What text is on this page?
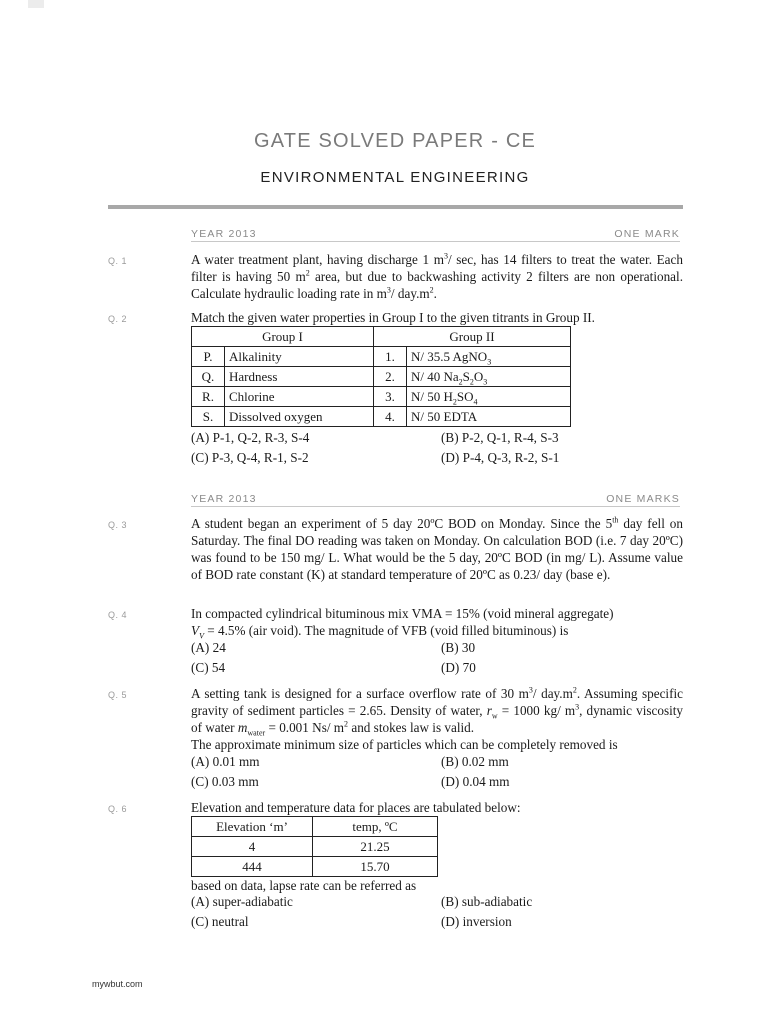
GATE SOLVED PAPER - CE
ENVIRONMENTAL ENGINEERING
YEAR 2013	ONE MARK
Q. 1	A water treatment plant, having discharge 1 $m^3/$ sec, has 14 filters to treat the water. Each filter is having 50 $m^2$ area, but due to backwashing activity 2 filters are non operational. Calculate hydraulic loading rate in $m^3/$ $day.m^2$.

Q. 2	Match the given water properties in Group I to the given titrants in Group II.
Group I		Group II	
P.	Alkalinity	1.	N/ 35.5 AgNO$_3$
Q.	Hardness	2.	N/ 40 $Na_2S_2O_3$
R.	Chlorine	3.	N/ 50 $H_2SO_4$
S.	Dissolved oxygen	4.	N/ 50 EDTA
(A) P-1, Q-2, R-3, S-4	(B) P-2, Q-1, R-4, S-3
(C) P-3, Q-4, R-1, S-2	(D) P-4, Q-3, R-2, S-1
YEAR 2013	ONE MARKS
Q. 3	A student began an experiment of 5 day 20ºC BOD on Monday. Since the 5th day fell on Saturday. The final DO reading was taken on Monday. On calculation BOD (i.e. 7 day 20ºC) was found to be 150 mg/ L. What would be the 5 day, 20ºC BOD (in mg/ L). Assume value of BOD rate constant (K) at standard temperature of 20ºC as 0.23/ day (base e).

Q. 4	In compacted cylindrical bituminous mix VMA = 15% (void mineral aggregate)
$V_V = 4.5\%$ (air void). The magnitude of VFB (void filled bituminous) is

(A) 24	(B) 30
(C) 54	(D) 70
Q. 5	A setting tank is designed for a surface overflow rate of 30 $m^3/$ $day.m^2$. Assuming specific gravity of sediment particles = 2.65. Density of water, $r_w = 1000$ kg/ $m^3$, dynamic viscosity of water $m_{water} = 0.001$ Ns/ $m^2$ and stokes law is valid.

The approximate minimum size of particles which can be completely removed is

(A) 0.01 mm	(B) 0.02 mm
(C) 0.03 mm	(D) 0.04 mm
Q. 6	Elevation and temperature data for places are tabulated below:
Elevation ‘m’	temp, ºC
4	21.25
444	15.70
based on data, lapse rate can be referred as
(A) super-adiabatic	(B) sub-adiabatic
(C) neutral	(D) inversion
mywbut.com
